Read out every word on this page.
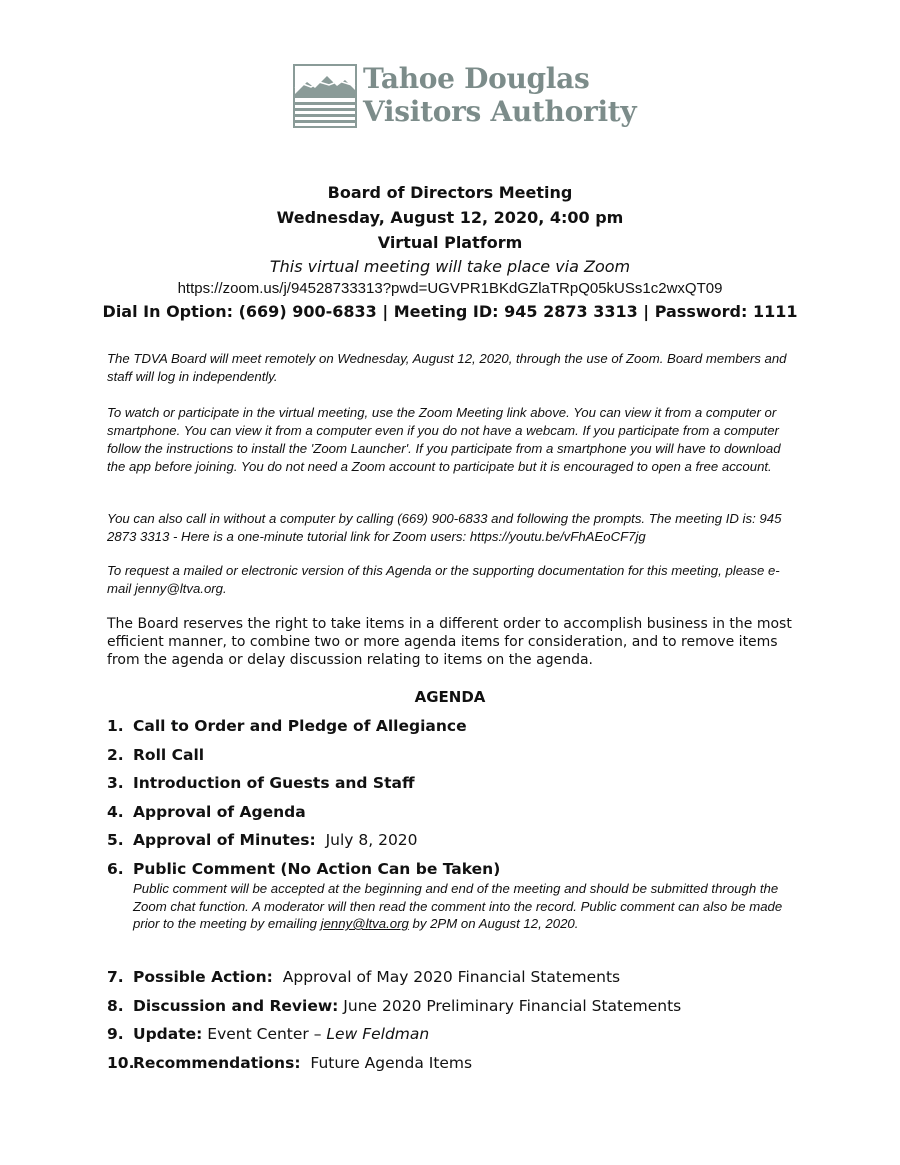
Tahoe Douglas
Visitors Authority
Board of Directors Meeting
Wednesday, August 12, 2020, 4:00 pm
Virtual Platform
This virtual meeting will take place via Zoom
https://zoom.us/j/94528733313?pwd=UGVPR1BKdGZlaTRpQ05kUSs1c2wxQT09
Dial In Option: (669) 900-6833 | Meeting ID: 945 2873 3313 | Password: 1111
The TDVA Board will meet remotely on Wednesday, August 12, 2020, through the use of Zoom. Board members and staff will log in independently.
To watch or participate in the virtual meeting, use the Zoom Meeting link above. You can view it from a computer or smartphone. You can view it from a computer even if you do not have a webcam. If you participate from a computer follow the instructions to install the 'Zoom Launcher'. If you participate from a smartphone you will have to download the app before joining. You do not need a Zoom account to participate but it is encouraged to open a free account.
You can also call in without a computer by calling (669) 900-6833 and following the prompts. The meeting ID is: 945 2873 3313 - Here is a one-minute tutorial link for Zoom users: https://youtu.be/vFhAEoCF7jg
To request a mailed or electronic version of this Agenda or the supporting documentation for this meeting, please e-mail jenny@ltva.org.
The Board reserves the right to take items in a different order to accomplish business in the most efficient manner, to combine two or more agenda items for consideration, and to remove items from the agenda or delay discussion relating to items on the agenda.
AGENDA
1. Call to Order and Pledge of Allegiance
2. Roll Call
3. Introduction of Guests and Staff
4. Approval of Agenda
5. Approval of Minutes: July 8, 2020
6. Public Comment (No Action Can be Taken)
Public comment will be accepted at the beginning and end of the meeting and should be submitted through the Zoom chat function. A moderator will then read the comment into the record. Public comment can also be made prior to the meeting by emailing jenny@ltva.org by 2PM on August 12, 2020.
7. Possible Action: Approval of May 2020 Financial Statements
8. Discussion and Review: June 2020 Preliminary Financial Statements
9. Update: Event Center – Lew Feldman
10.Recommendations: Future Agenda Items
